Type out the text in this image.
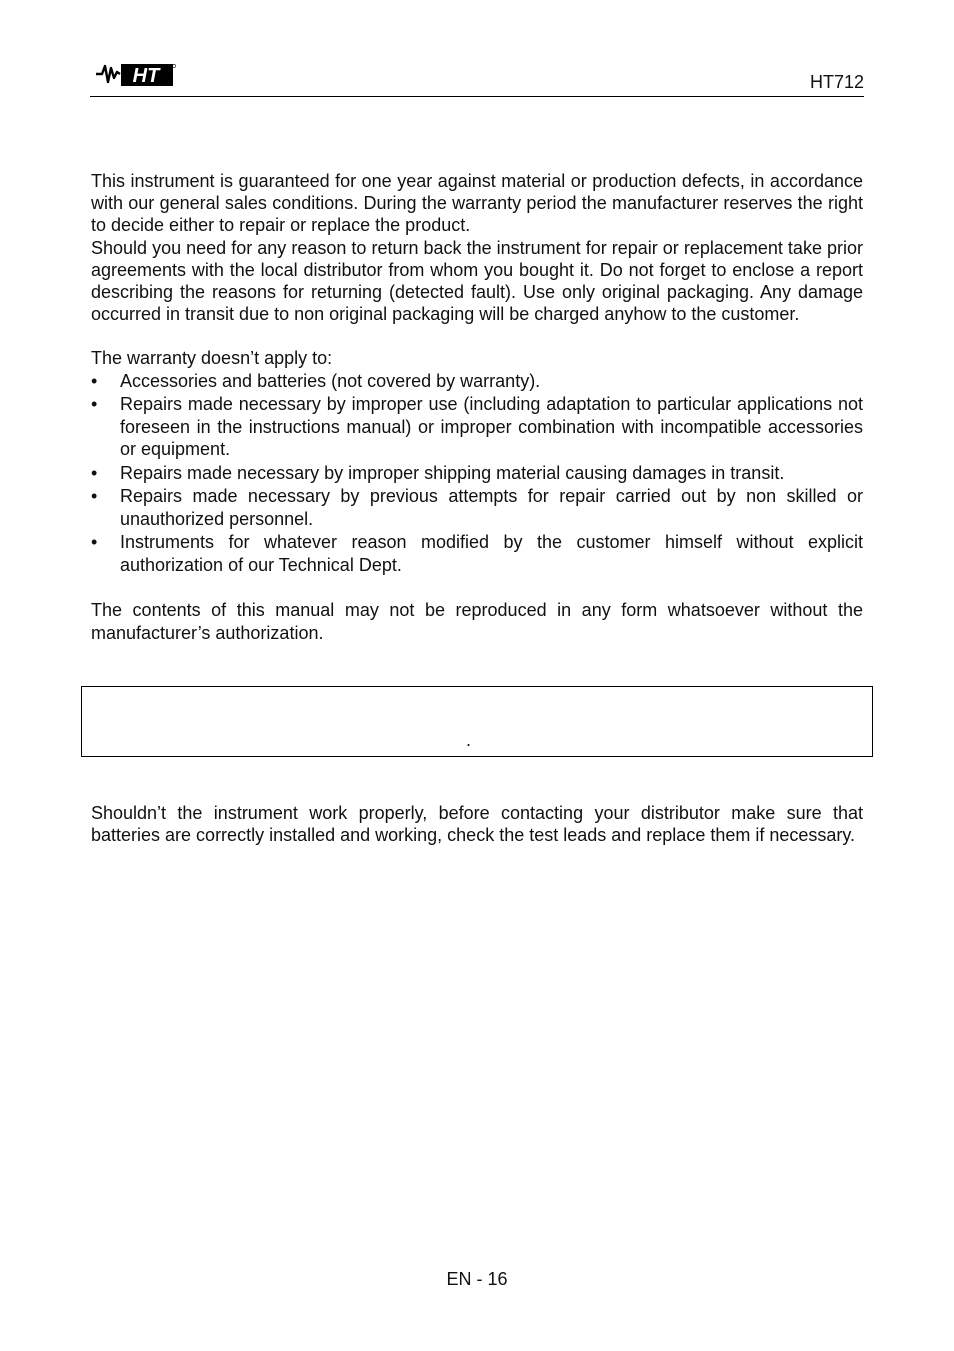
HT	HT712

This instrument is guaranteed for one year against material or production defects, in accordance with our general sales conditions. During the warranty period the manufacturer reserves the right to decide either to repair or replace the product.

Should you need for any reason to return back the instrument for repair or replacement take prior agreements with the local distributor from whom you bought it. Do not forget to enclose a report describing the reasons for returning (detected fault). Use only original packaging. Any damage occurred in transit due to non original packaging will be charged anyhow to the customer.

The warranty doesn’t apply to:

• Accessories and batteries (not covered by warranty).
• Repairs made necessary by improper use (including adaptation to particular applications not foreseen in the instructions manual) or improper combination with incompatible accessories or equipment.
• Repairs made necessary by improper shipping material causing damages in transit.
• Repairs made necessary by previous attempts for repair carried out by non skilled or unauthorized personnel.
• Instruments for whatever reason modified by the customer himself without explicit authorization of our Technical Dept.

The contents of this manual may not be reproduced in any form whatsoever without the manufacturer’s authorization.

.

Shouldn’t the instrument work properly, before contacting your distributor make sure that batteries are correctly installed and working, check the test leads and replace them if necessary.

EN - 16
